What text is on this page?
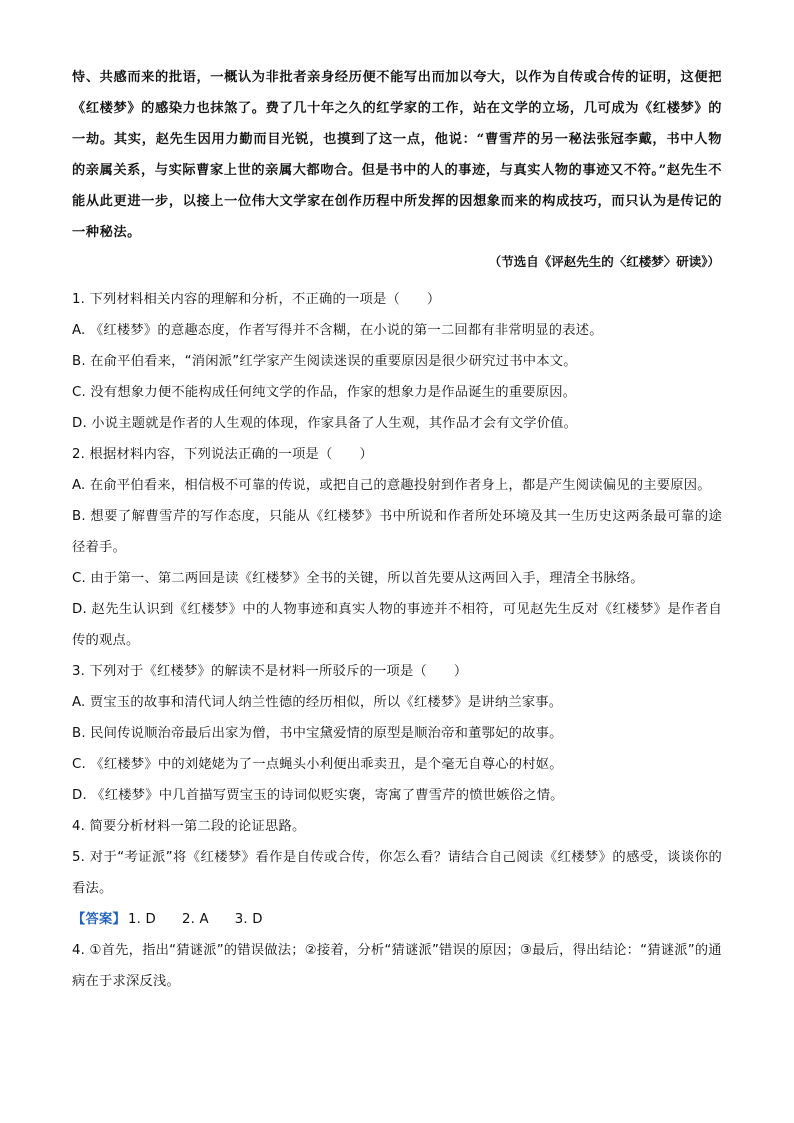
恃、共感而来的批语，一概认为非批者亲身经历便不能写出而加以夸大，以作为自传或合传的证明，这便把《红楼梦》的感染力也抹煞了。费了几十年之久的红学家的工作，站在文学的立场，几可成为《红楼梦》的一劫。其实，赵先生因用力勤而目光锐，也摸到了这一点，他说：“曹雪芹的另一秘法张冠李戴，书中人物的亲属关系，与实际曹家上世的亲属大都吻合。但是书中的人的事迹，与真实人物的事迹又不符。”赵先生不能从此更进一步，以接上一位伟大文学家在创作历程中所发挥的因想象而来的构成技巧，而只认为是传记的一种秘法。

（节选自《评赵先生的〈红楼梦〉研读》）

1. 下列材料相关内容的理解和分析，不正确的一项是（　　）

A. 《红楼梦》的意趣态度，作者写得并不含糊，在小说的第一二回都有非常明显的表述。

B. 在俞平伯看来，“消闲派”红学家产生阅读迷误的重要原因是很少研究过书中本文。

C. 没有想象力便不能构成任何纯文学的作品，作家的想象力是作品诞生的重要原因。

D. 小说主题就是作者的人生观的体现，作家具备了人生观，其作品才会有文学价值。

2. 根据材料内容，下列说法正确的一项是（　　）

A. 在俞平伯看来，相信极不可靠的传说，或把自己的意趣投射到作者身上，都是产生阅读偏见的主要原因。

B. 想要了解曹雪芹的写作态度，只能从《红楼梦》书中所说和作者所处环境及其一生历史这两条最可靠的途径着手。

C. 由于第一、第二两回是读《红楼梦》全书的关键，所以首先要从这两回入手，理清全书脉络。

D. 赵先生认识到《红楼梦》中的人物事迹和真实人物的事迹并不相符，可见赵先生反对《红楼梦》是作者自传的观点。

3. 下列对于《红楼梦》的解读不是材料一所驳斥的一项是（　　）

A. 贾宝玉的故事和清代词人纳兰性德的经历相似，所以《红楼梦》是讲纳兰家事。

B. 民间传说顺治帝最后出家为僧，书中宝黛爱情的原型是顺治帝和董鄂妃的故事。

C. 《红楼梦》中的刘姥姥为了一点蝇头小利便出乖卖丑，是个毫无自尊心的村妪。

D. 《红楼梦》中几首描写贾宝玉的诗词似贬实褒，寄寓了曹雪芹的愤世嫉俗之情。

4. 简要分析材料一第二段的论证思路。

5. 对于“考证派”将《红楼梦》看作是自传或合传，你怎么看？请结合自己阅读《红楼梦》的感受，谈谈你的看法。

【答案】 1. D 2. A 3. D

4. ①首先，指出“猜谜派”的错误做法；②接着，分析“猜谜派”错误的原因；③最后，得出结论：“猜谜派”的通病在于求深反浅。
